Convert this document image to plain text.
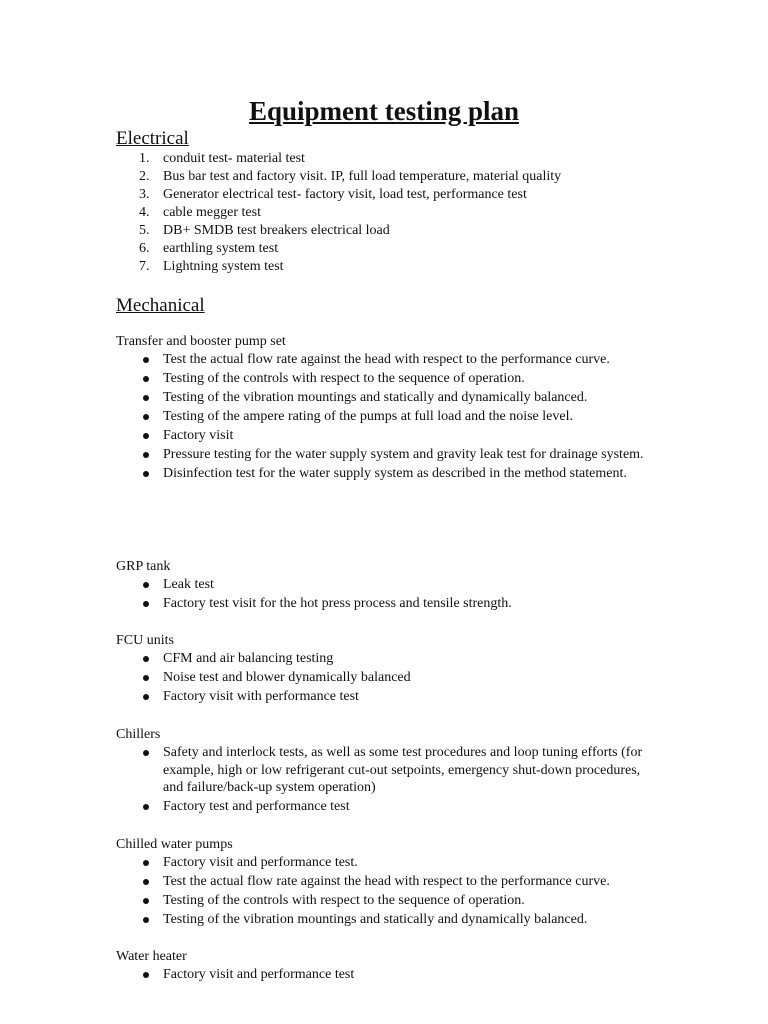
Equipment testing plan
Electrical
1. conduit test- material test
2. Bus bar test and factory visit. IP, full load temperature, material quality
3. Generator electrical test- factory visit, load test, performance test
4. cable megger test
5. DB+ SMDB test breakers electrical load
6. earthling system test
7. Lightning system test
Mechanical

Transfer and booster pump set

Test the actual flow rate against the head with respect to the performance curve.
Testing of the controls with respect to the sequence of operation.
Testing of the vibration mountings and statically and dynamically balanced.
Testing of the ampere rating of the pumps at full load and the noise level.
Factory visit
Pressure testing for the water supply system and gravity leak test for drainage system.
Disinfection test for the water supply system as described in the method statement.

GRP tank

Leak test
Factory test visit for the hot press process and tensile strength.

FCU units

CFM and air balancing testing
Noise test and blower dynamically balanced
Factory visit with performance test

Chillers

Safety and interlock tests, as well as some test procedures and loop tuning efforts (for example, high or low refrigerant cut-out setpoints, emergency shut-down procedures, and failure/back-up system operation)
Factory test and performance test

Chilled water pumps

Factory visit and performance test.
Test the actual flow rate against the head with respect to the performance curve.
Testing of the controls with respect to the sequence of operation.
Testing of the vibration mountings and statically and dynamically balanced.

Water heater

Factory visit and performance test
